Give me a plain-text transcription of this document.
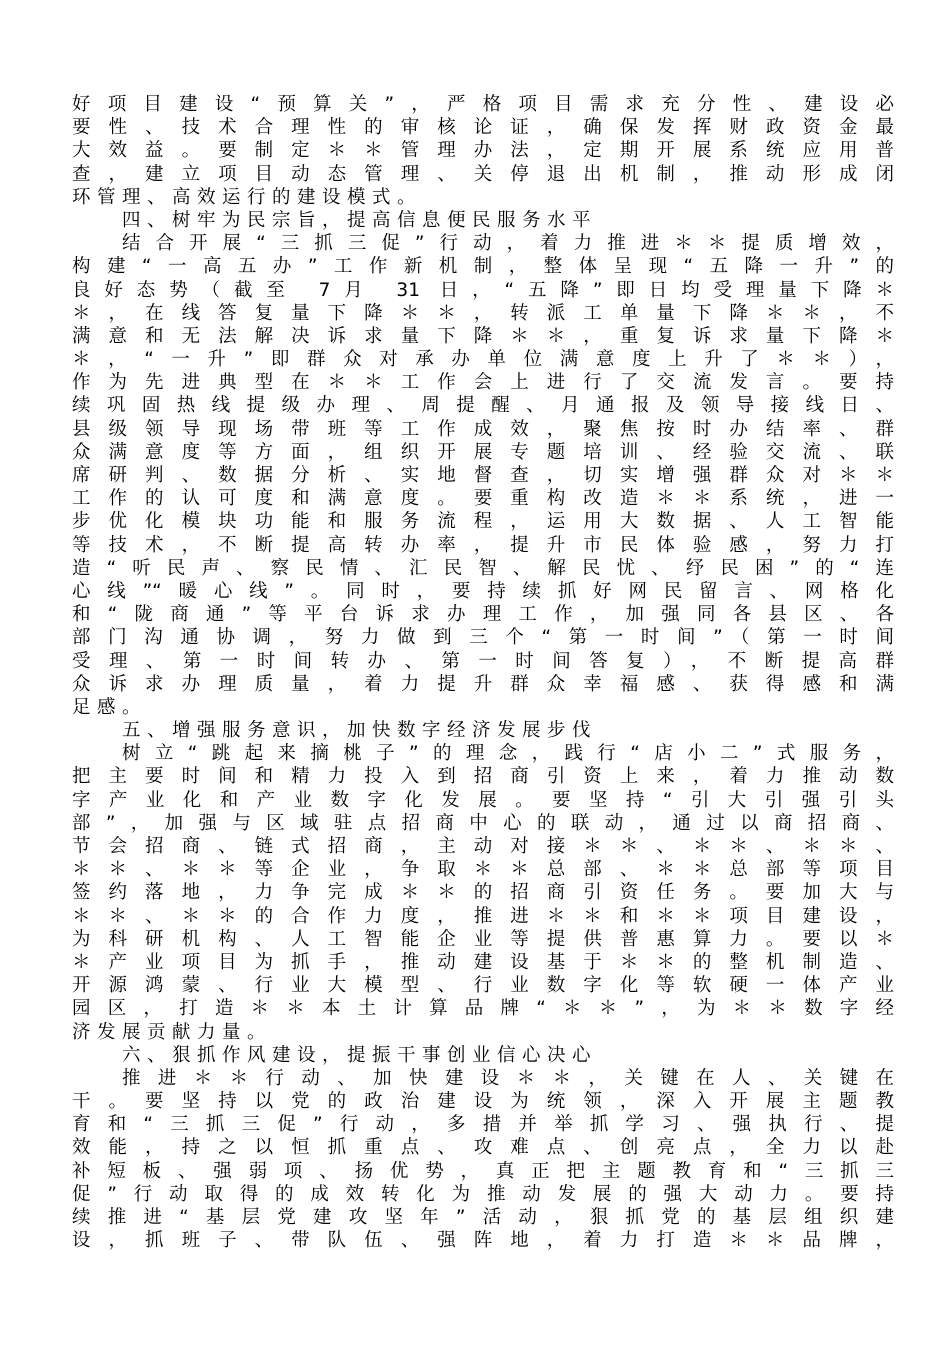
好项目建设“预算关”，严格项目需求充分性、建设必
要性、技术合理性的审核论证，确保发挥财政资金最
大效益。要制定＊＊管理办法，定期开展系统应用普
查，建立项目动态管理、关停退出机制，推动形成闭
环管理、高效运行的建设模式。
四、树牢为民宗旨，提高信息便民服务水平
结合开展“三抓三促”行动，着力推进＊＊提质增效，
构建“一高五办”工作新机制，整体呈现“五降一升”的
良好态势（截至 7月 31 日，“五降”即日均受理量下降＊
＊，在线答复量下降＊＊，转派工单量下降＊＊，不
满意和无法解决诉求量下降＊＊，重复诉求量下降＊
＊，“一升”即群众对承办单位满意度上升了＊＊），
作为先进典型在＊＊工作会上进行了交流发言。要持
续巩固热线提级办理、周提醒、月通报及领导接线日、
县级领导现场带班等工作成效，聚焦按时办结率、群
众满意度等方面，组织开展专题培训、经验交流、联
席研判、数据分析、实地督查，切实增强群众对＊＊
工作的认可度和满意度。要重构改造＊＊系统，进一
步优化模块功能和服务流程，运用大数据、人工智能
等技术，不断提高转办率，提升市民体验感，努力打
造“听民声、察民情、汇民智、解民忧、纾民困”的“连
心线”“暖心线”。同时，要持续抓好网民留言、网格化
和“陇商通”等平台诉求办理工作，加强同各县区、各
部门沟通协调，努力做到三个“第一时间”（第一时间
受理、第一时间转办、第一时间答复），不断提高群
众诉求办理质量，着力提升群众幸福感、获得感和满
足感。
五、增强服务意识，加快数字经济发展步伐
树立“跳起来摘桃子”的理念，践行“店小二”式服务，
把主要时间和精力投入到招商引资上来，着力推动数
字产业化和产业数字化发展。要坚持“引大引强引头
部”，加强与区域驻点招商中心的联动，通过以商招商、
节会招商、链式招商，主动对接＊＊、＊＊、＊＊、
＊＊、＊＊等企业，争取＊＊总部、＊＊总部等项目
签约落地，力争完成＊＊的招商引资任务。要加大与
＊＊、＊＊的合作力度，推进＊＊和＊＊项目建设，
为科研机构、人工智能企业等提供普惠算力。要以＊
＊产业项目为抓手，推动建设基于＊＊的整机制造、
开源鸿蒙、行业大模型、行业数字化等软硬一体产业
园区，打造＊＊本土计算品牌“＊＊”，为＊＊数字经
济发展贡献力量。
六、狠抓作风建设，提振干事创业信心决心
推进＊＊行动、加快建设＊＊，关键在人、关键在
干。要坚持以党的政治建设为统领，深入开展主题教
育和“三抓三促”行动，多措并举抓学习、强执行、提
效能，持之以恒抓重点、攻难点、创亮点，全力以赴
补短板、强弱项、扬优势，真正把主题教育和“三抓三
促”行动取得的成效转化为推动发展的强大动力。要持
续推进“基层党建攻坚年”活动，狠抓党的基层组织建
设，抓班子、带队伍、强阵地，着力打造＊＊品牌，
